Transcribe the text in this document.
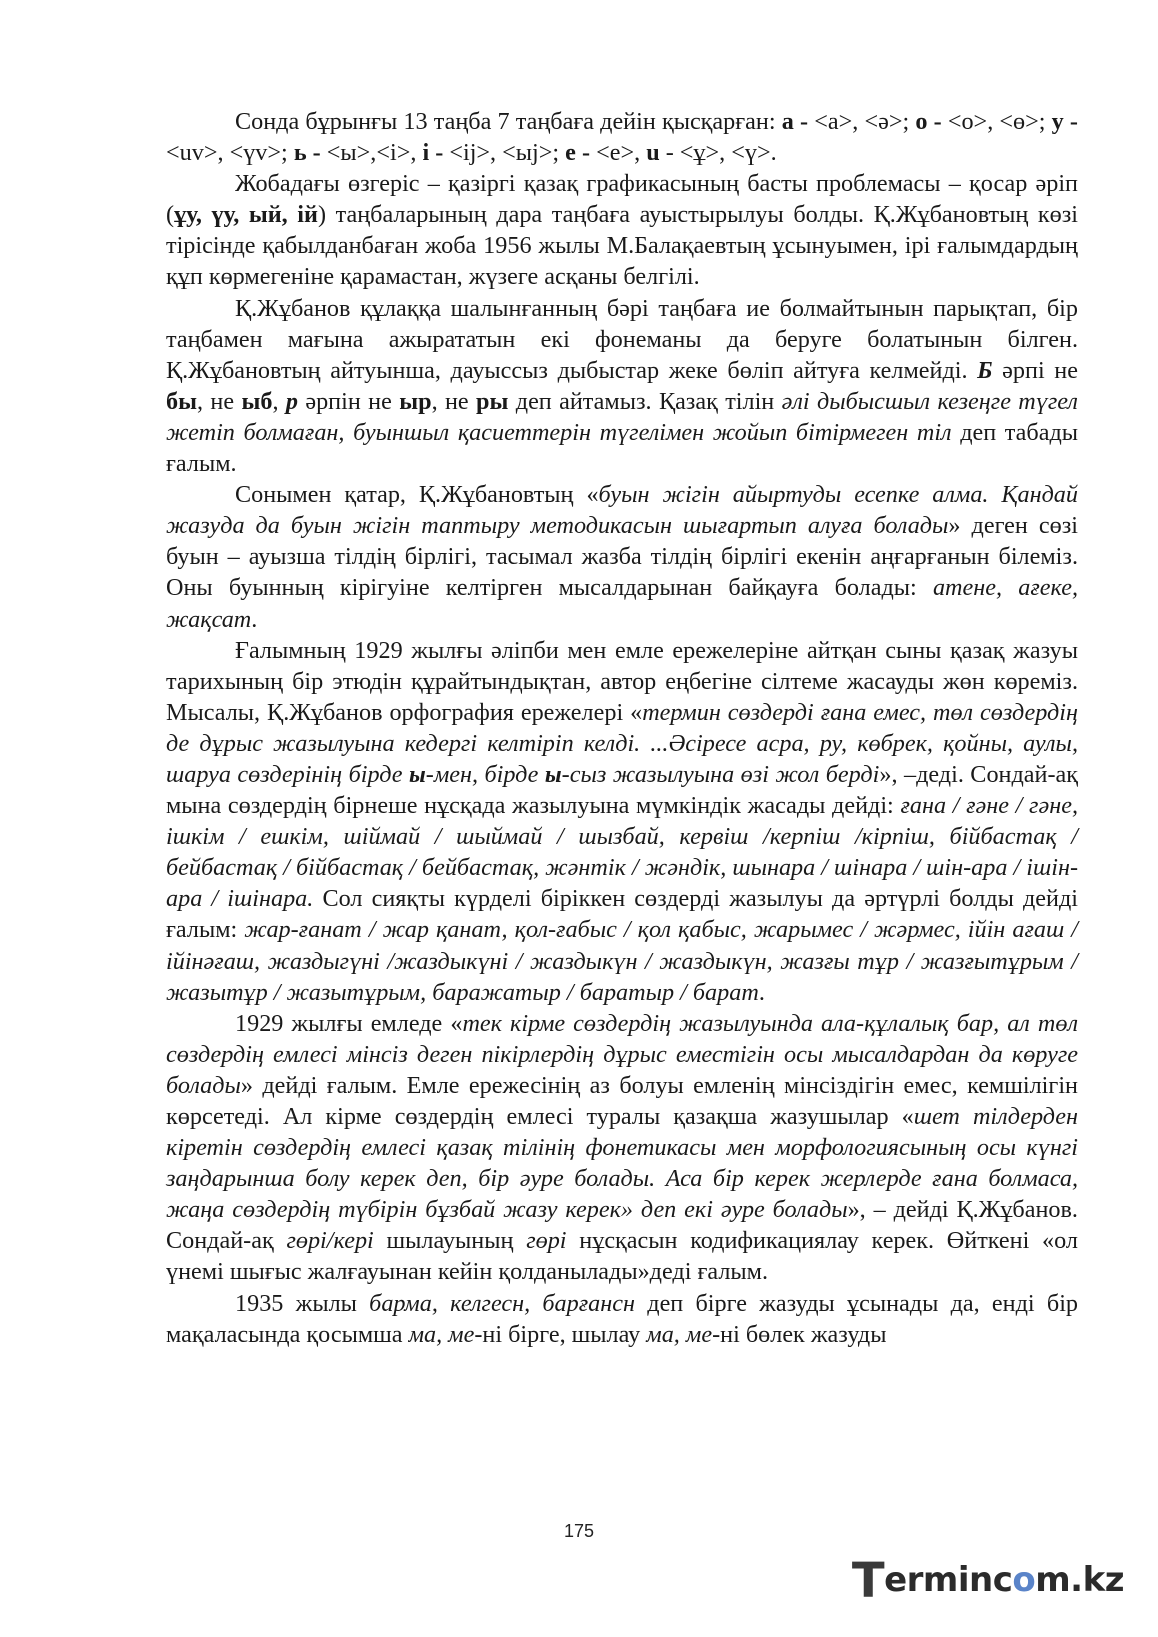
Сонда бұрынғы 13 таңба 7 таңбаға дейін қысқарған: а - <а>, <ә>; о - <о>, <ө>; у - <uv>, <үv>; ь - <ы>,<і>, і - <іj>, <ыj>; е - <е>, u - <ұ>, <ү>.

Жобадағы өзгеріс – қазіргі қазақ графикасының басты проблемасы – қосар әріп (ұу, үу, ый, ій) таңбаларының дара таңбаға ауыстырылуы болды. Қ.Жұбановтың көзі тірісінде қабылданбаған жоба 1956 жылы М.Балақаевтың ұсынуымен, ірі ғалымдардың құп көрмегеніне қарамастан, жүзеге асқаны белгілі.

Қ.Жұбанов құлаққа шалынғанның бәрі таңбаға ие болмайтынын парықтап, бір таңбамен мағына ажырататын екі фонеманы да беруге болатынын білген. Қ.Жұбановтың айтуынша, дауыссыз дыбыстар жеке бөліп айтуға келмейді. Б әрпі не бы, не ыб, р әрпін не ыр, не ры деп айтамыз. Қазақ тілін әлі дыбысшыл кезеңге түгел жетіп болмаған, буыншыл қасиеттерін түгелімен жойып бітірмеген тіл деп табады ғалым.

Сонымен қатар, Қ.Жұбановтың «буын жігін айыртуды есепке алма. Қандай жазуда да буын жігін таптыру методикасын шығартып алуға болады» деген сөзі буын – ауызша тілдің бірлігі, тасымал жазба тілдің бірлігі екенін аңғарғанын білеміз. Оны буынның кірігуіне келтірген мысалдарынан байқауға болады: атене, ағеке, жақсат.

Ғалымның 1929 жылғы әліпби мен емле ережелеріне айтқан сыны қазақ жазуы тарихының бір этюдін құрайтындықтан, автор еңбегіне сілтеме жасауды жөн көреміз. Мысалы, Қ.Жұбанов орфография ережелері «термин сөздерді ғана емес, төл сөздердің де дұрыс жазылуына кедергі келтіріп келді. ...Әсіресе асра, ру, көбрек, қойны, аулы, шаруа сөздерінің бірде ы-мен, бірде ы-сыз жазылуына өзі жол берді», –деді. Сондай-ақ мына сөздердің бірнеше нұсқада жазылуына мүмкіндік жасады дейді: ғана / ғәне / гәне, ішкім / ешкім, шіймай / шыймай / шызбай, кервіш /керпіш /кірпіш, бійбастақ / бейбастақ / бійбастақ / бейбастақ, жәнтік / жәндік, шынара / шінара / шін-ара / ішін-ара / ішінара. Сол сияқты күрделі біріккен сөздерді жазылуы да әртүрлі болды дейді ғалым: жар-ғанат / жар қанат, қол-ғабыс / қол қабыс, жарымес / жәрмес, ійін ағаш / ійінәғаш, жаздыгүні /жаздыкүні / жаздыкүн / жаздыкүн, жазғы тұр / жазғытұрым /жазытұр / жазытұрым, баражатыр / баратыр / барат.

1929 жылғы емледе «тек кірме сөздердің жазылуында ала-құлалық бар, ал төл сөздердің емлесі мінсіз деген пікірлердің дұрыс еместігін осы мысалдардан да көруге болады» дейді ғалым. Емле ережесінің аз болуы емленің мінсіздігін емес, кемшілігін көрсетеді. Ал кірме сөздердің емлесі туралы қазақша жазушылар «шет тілдерден кіретін сөздердің емлесі қазақ тілінің фонетикасы мен морфологиясының осы күнгі заңдарынша болу керек деп, бір әуре болады. Аса бір керек жерлерде ғана болмаса, жаңа сөздердің түбірін бұзбай жазу керек» деп екі әуре болады», – дейді Қ.Жұбанов. Сондай-ақ гөрі/кері шылауының гөрі нұсқасын кодификациялау керек. Өйткені «ол үнемі шығыс жалғауынан кейін қолданылады»деді ғалым.

1935 жылы барма, келгесн, барғансн деп бірге жазуды ұсынады да, енді бір мақаласында қосымша ма, ме-ні бірге, шылау ма, ме-ні бөлек жазуды

175
Termincom.kz
